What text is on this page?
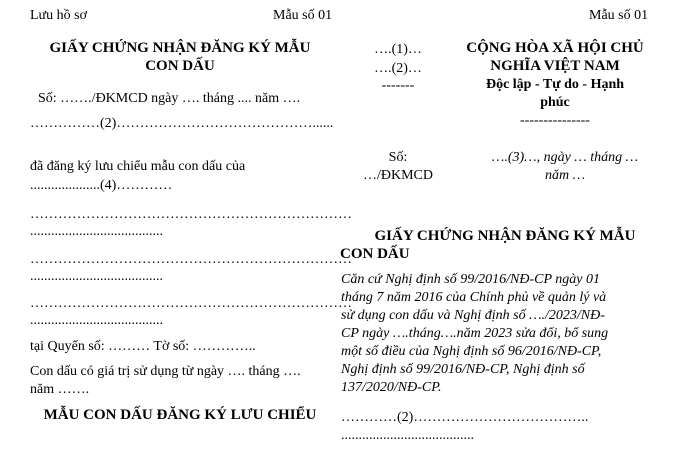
Lưu hồ sơ	Mẫu số 01
GIẤY CHỨNG NHẬN ĐĂNG KÝ MẪU
CON DẤU
Số: ……./ĐKMCD ngày …. tháng .... năm ….
……………(2)……………………………………......
đã đăng ký lưu chiểu mẫu con dấu của
....................(4)…………
……………………………………………………………
......................................
……………………………………………………………
......................................
……………………………………………………………
......................................
tại Quyển số: ……… Tờ số: …………..
Con dấu có giá trị sử dụng từ ngày …. tháng ….
năm …….
MẪU CON DẤU ĐĂNG KÝ LƯU CHIỂU
Mẫu số 01
….(1)…
….(2)…
-------
CỘNG HÒA XÃ HỘI CHỦ
NGHĨA VIỆT NAM
Độc lập - Tự do - Hạnh
phúc
---------------
Số:
…/ĐKMCD
….(3)…, ngày … tháng …
năm …
GIẤY CHỨNG NHẬN ĐĂNG KÝ MẪU
CON DẤU
Căn cứ Nghị định số 99/2016/NĐ-CP ngày 01
tháng 7 năm 2016 của Chính phủ về quản lý và
sử dụng con dấu và Nghị định số …./2023/NĐ-
CP ngày ….tháng….năm 2023 sửa đổi, bổ sung
một số điều của Nghị định số 96/2016/NĐ-CP,
Nghị định số 99/2016/NĐ-CP, Nghị định số
137/2020/NĐ-CP.
…………(2)………………………………..
......................................
